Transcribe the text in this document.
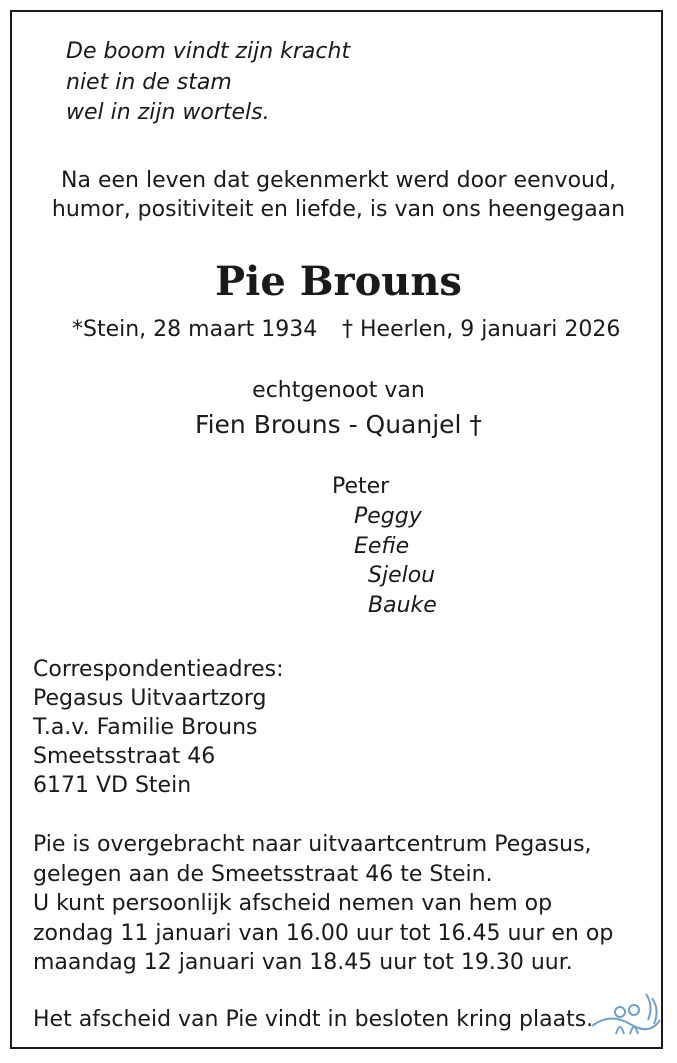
De boom vindt zijn kracht
niet in de stam
wel in zijn wortels.
Na een leven dat gekenmerkt werd door eenvoud,
humor, positiviteit en liefde, is van ons heengegaan
Pie Brouns
*Stein, 28 maart 1934 † Heerlen, 9 januari 2026
echtgenoot van
Fien Brouns - Quanjel †
Peter
Peggy
Eefie
Sjelou
Bauke
Correspondentieadres:
Pegasus Uitvaartzorg
T.a.v. Familie Brouns
Smeetsstraat 46
6171 VD Stein
Pie is overgebracht naar uitvaartcentrum Pegasus,
gelegen aan de Smeetsstraat 46 te Stein.
U kunt persoonlijk afscheid nemen van hem op
zondag 11 januari van 16.00 uur tot 16.45 uur en op
maandag 12 januari van 18.45 uur tot 19.30 uur.
Het afscheid van Pie vindt in besloten kring plaats.
